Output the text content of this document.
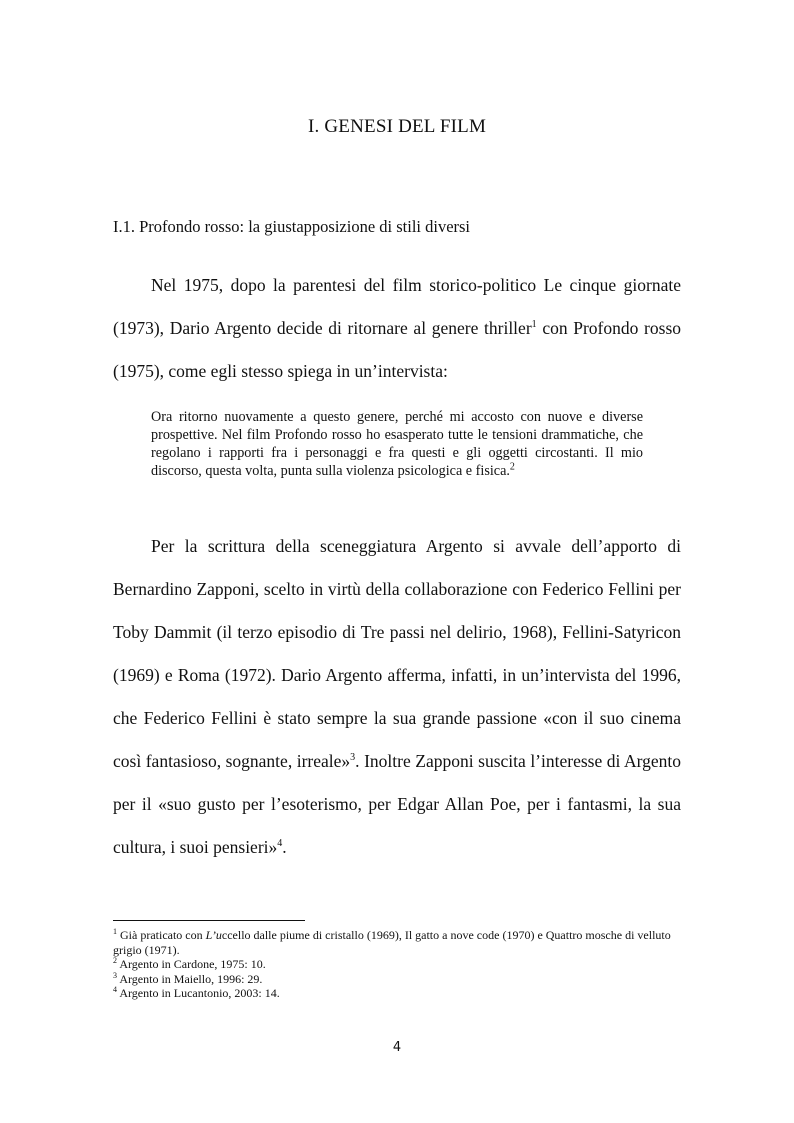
I. GENESI DEL FILM
I.1. Profondo rosso: la giustapposizione di stili diversi

Nel 1975, dopo la parentesi del film storico-politico Le cinque giornate (1973), Dario Argento decide di ritornare al genere thriller$^1$ con Profondo rosso (1975), come egli stesso spiega in un’intervista:

Ora ritorno nuovamente a questo genere, perché mi accosto con nuove e diverse prospettive. Nel film Profondo rosso ho esasperato tutte le tensioni drammatiche, che regolano i rapporti fra i personaggi e fra questi e gli oggetti circostanti. Il mio discorso, questa volta, punta sulla violenza psicologica e fisica.$^2$

Per la scrittura della sceneggiatura Argento si avvale dell’apporto di Bernardino Zapponi, scelto in virtù della collaborazione con Federico Fellini per Toby Dammit (il terzo episodio di Tre passi nel delirio, 1968), Fellini-Satyricon (1969) e Roma (1972). Dario Argento afferma, infatti, in un’intervista del 1996, che Federico Fellini è stato sempre la sua grande passione «con il suo cinema così fantasioso, sognante, irreale»$^3$. Inoltre Zapponi suscita l’interesse di Argento per il «suo gusto per l’esoterismo, per Edgar Allan Poe, per i fantasmi, la sua cultura, i suoi pensieri»$^4$.

$^1$ Già praticato con L’uccello dalle piume di cristallo (1969), Il gatto a nove code (1970) e Quattro mosche di velluto grigio (1971).

$^2$ Argento in Cardone, 1975: 10.

$^3$ Argento in Maiello, 1996: 29.

$^4$ Argento in Lucantonio, 2003: 14.

4
